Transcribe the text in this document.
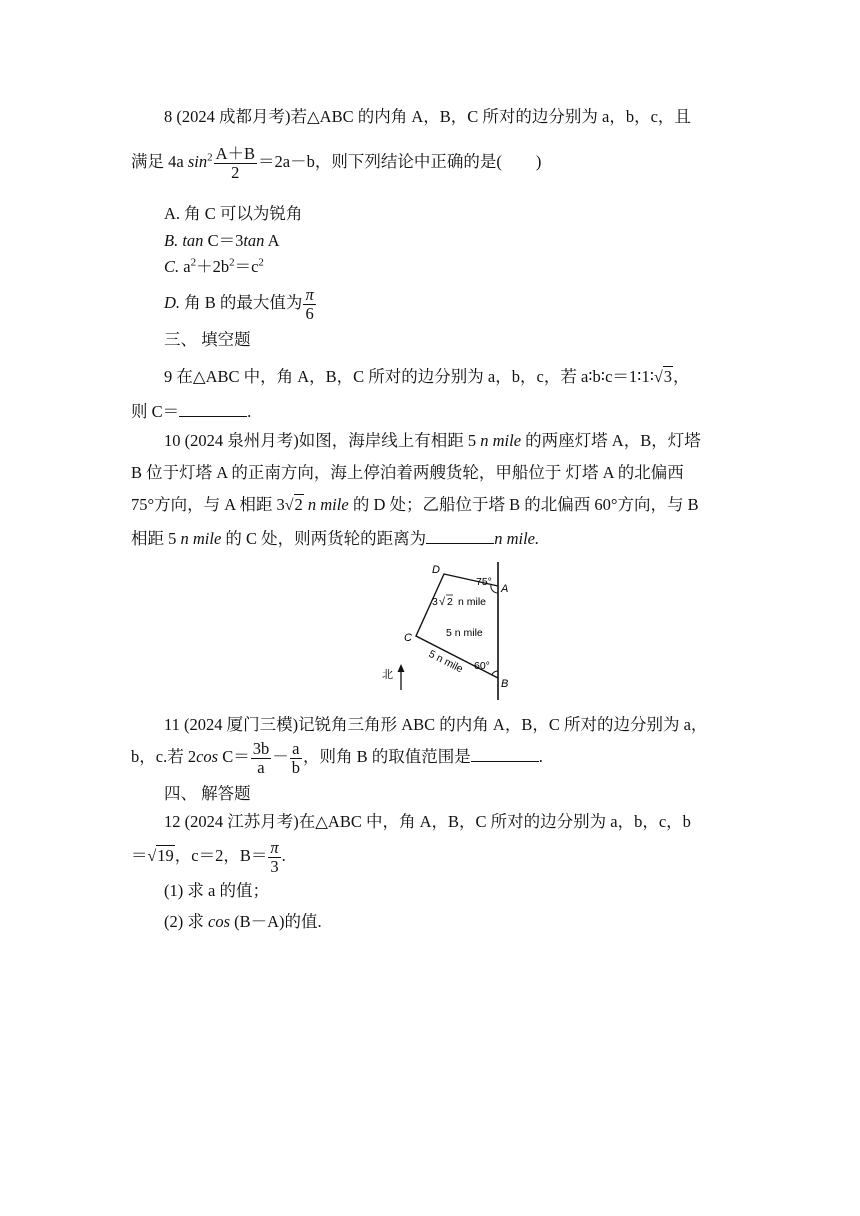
8 (2024 成都月考)若△ABC 的内角 A，B，C 所对的边分别为 a，b，c，且
满足 4a $\sin^2 \frac{A+B}{2} =2a-b$，则下列结论中正确的是( )
A. 角 C 可以为锐角
B. tan C＝3tan A
C. $a^2+2b^2=c^2$
D. 角 B 的最大值为 $\frac{\pi}{6}$
三、 填空题
9 在△ABC 中，角 A，B，C 所对的边分别为 a，b，c，若 a∶b∶c＝1∶1∶√3，
则 C＝	.
10 (2024 泉州月考)如图，海岸线上有相距 5 n mile 的两座灯塔 A，B，灯塔
B 位于灯塔 A 的正南方向，海上停泊着两艘货轮，甲船位于 灯塔 A 的北偏西
75°方向，与 A 相距 3√2 n mile 的 D 处；乙船位于塔 B 的北偏西 60°方向，与 B
相距 5 n mile 的 C 处，则两货轮的距离为	n mile.
D
A
C
B
75°
60°
3 √ 2 n mile
5 n mile
5 n mile
北
11 (2024 厦门三模)记锐角三角形 ABC 的内角 A，B，C 所对的边分别为 a，
b，c.若 2cos $C= \frac{3b}{a} - \frac{a}{b}$ ，则角 B 的取值范围是	.
四、 解答题
12 (2024 江苏月考)在△ABC 中，角 A，B，C 所对的边分别为 a，b，c，b
＝√19，c＝2，$B= \frac{\pi}{3}$ .
(1) 求 a 的值；
(2) 求 cos (B－A)的值.
